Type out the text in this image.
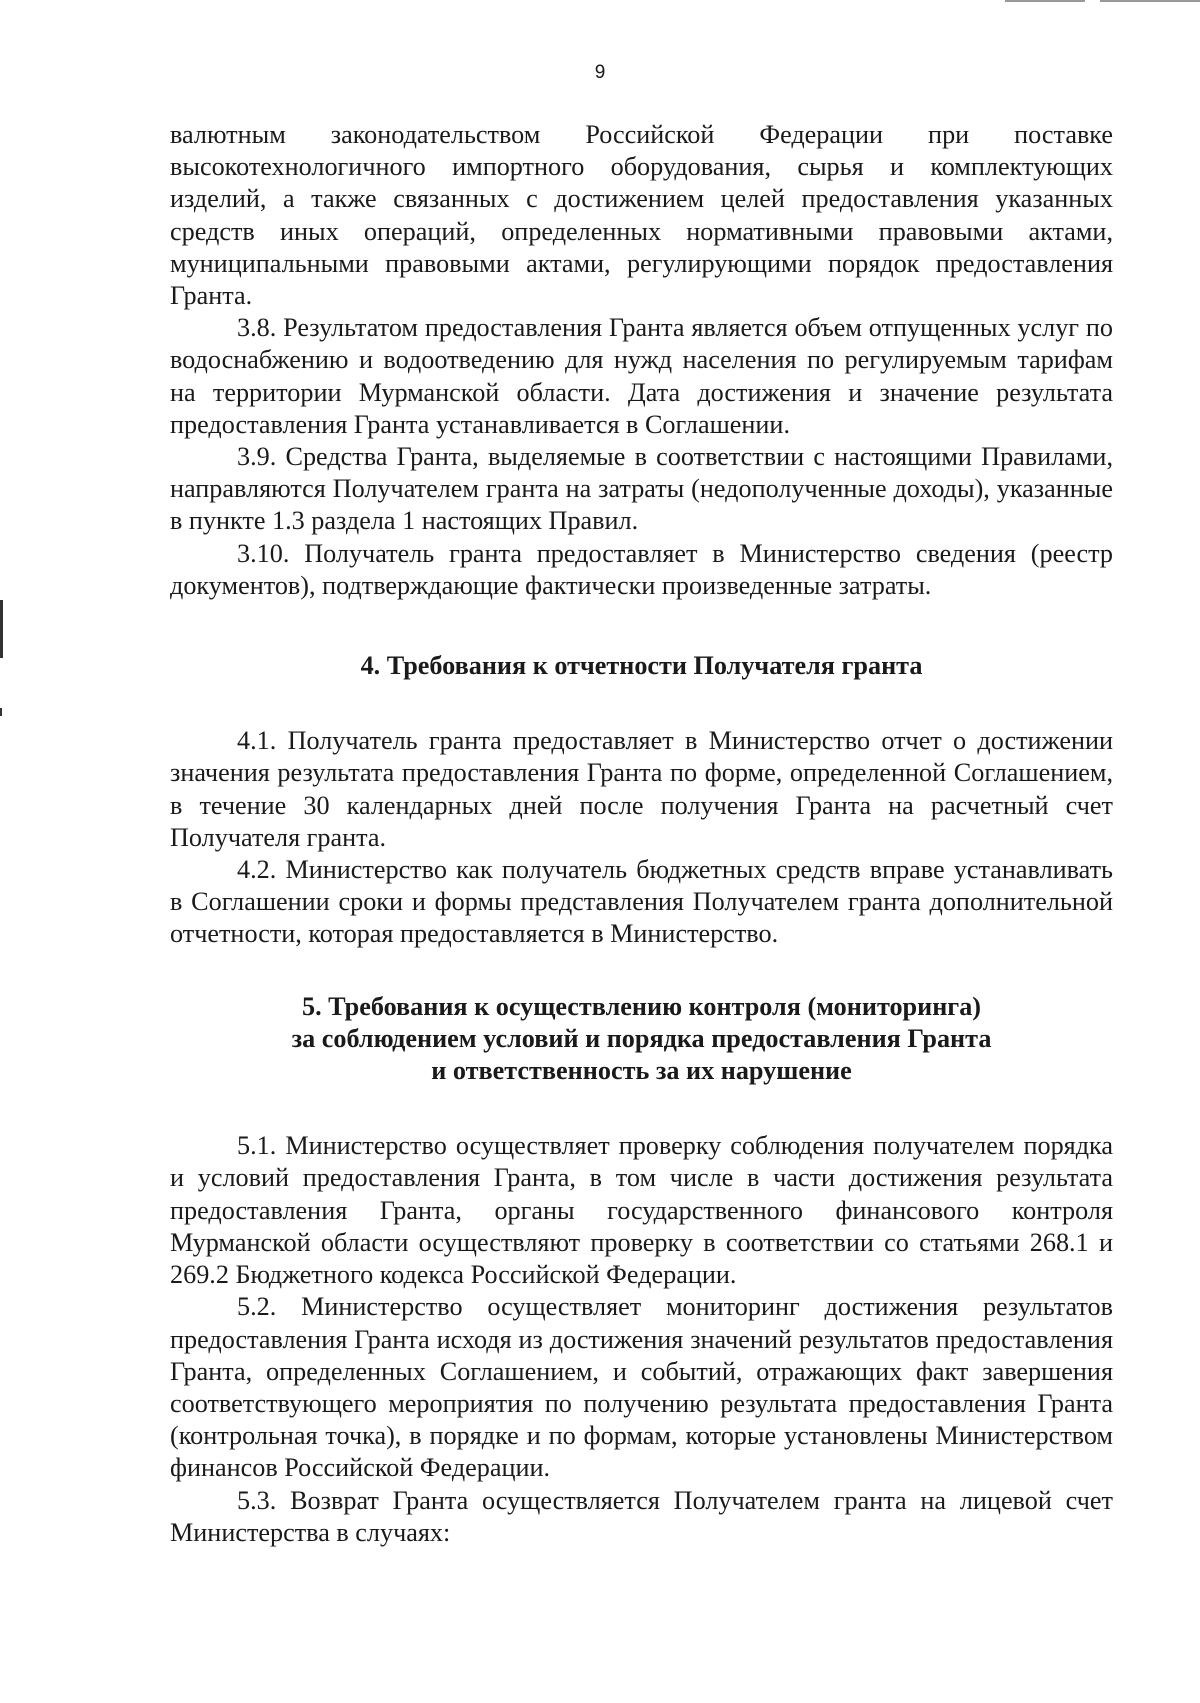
9

валютным законодательством Российской Федерации при поставке высокотехнологичного импортного оборудования, сырья и комплектующих изделий, а также связанных с достижением целей предоставления указанных средств иных операций, определенных нормативными правовыми актами, муниципальными правовыми актами, регулирующими порядок предоставления Гранта.

3.8. Результатом предоставления Гранта является объем отпущенных услуг по водоснабжению и водоотведению для нужд населения по регулируемым тарифам на территории Мурманской области. Дата достижения и значение результата предоставления Гранта устанавливается в Соглашении.

3.9. Средства Гранта, выделяемые в соответствии с настоящими Правилами, направляются Получателем гранта на затраты (недополученные доходы), указанные в пункте 1.3 раздела 1 настоящих Правил.

3.10. Получатель гранта предоставляет в Министерство сведения (реестр документов), подтверждающие фактически произведенные затраты.

4. Требования к отчетности Получателя гранта

4.1. Получатель гранта предоставляет в Министерство отчет о достижении значения результата предоставления Гранта по форме, определенной Соглашением, в течение 30 календарных дней после получения Гранта на расчетный счет Получателя гранта.

4.2. Министерство как получатель бюджетных средств вправе устанавливать в Соглашении сроки и формы представления Получателем гранта дополнительной отчетности, которая предоставляется в Министерство.

5. Требования к осуществлению контроля (мониторинга)
за соблюдением условий и порядка предоставления Гранта
и ответственность за их нарушение

5.1. Министерство осуществляет проверку соблюдения получателем порядка и условий предоставления Гранта, в том числе в части достижения результата предоставления Гранта, органы государственного финансового контроля Мурманской области осуществляют проверку в соответствии со статьями 268.1 и 269.2 Бюджетного кодекса Российской Федерации.

5.2. Министерство осуществляет мониторинг достижения результатов предоставления Гранта исходя из достижения значений результатов предоставления Гранта, определенных Соглашением, и событий, отражающих факт завершения соответствующего мероприятия по получению результата предоставления Гранта (контрольная точка), в порядке и по формам, которые установлены Министерством финансов Российской Федерации.

5.3. Возврат Гранта осуществляется Получателем гранта на лицевой счет Министерства в случаях:
